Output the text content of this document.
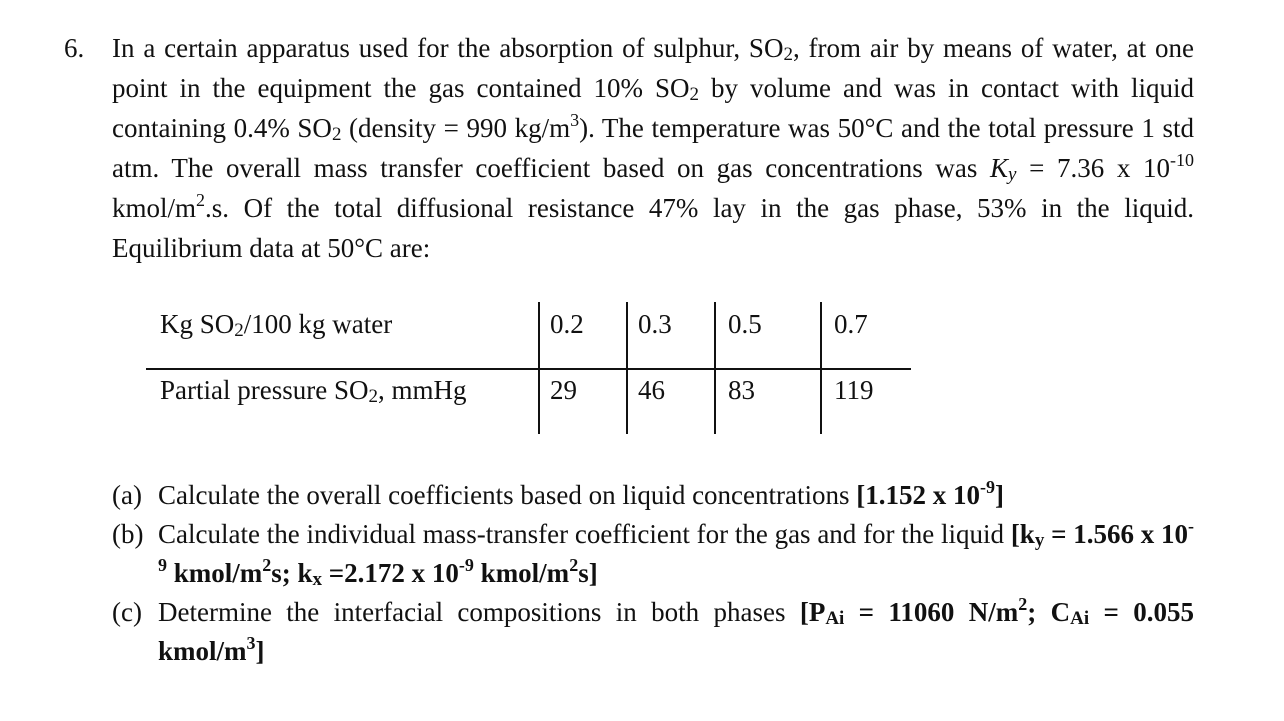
6. In a certain apparatus used for the absorption of sulphur, $SO_2$, from air by means of water, at one point in the equipment the gas contained 10% $SO_2$ by volume and was in contact with liquid containing 0.4% $SO_2$ (density = 990 $kg/m^3$). The temperature was 50°C and the total pressure 1 std atm. The overall mass transfer coefficient based on gas concentrations was $K_y = 7.36$ x $10^{-10}$ kmol/$m^2.s$. Of the total diffusional resistance 47% lay in the gas phase, 53% in the liquid. Equilibrium data at 50°C are:
Kg SO2/100 kg water	0.2 0.3 0.5	0.7
Partial pressure SO2, mmHg	29 46 83	119
(a) Calculate the overall coefficients based on liquid concentrations [1.152 x $10^{-9}$]
(b) Calculate the individual mass-transfer coefficient for the gas and for the liquid [ky = 1.566 x $10^{-9}$ kmol/$m^2s$; kx =2.172 x $10^{-9}$ kmol/$m^2s$]
(c) Determine the interfacial compositions in both phases [PAi = 11060 $N/m^2$; CAi = 0.055 kmol/$m^3$]
